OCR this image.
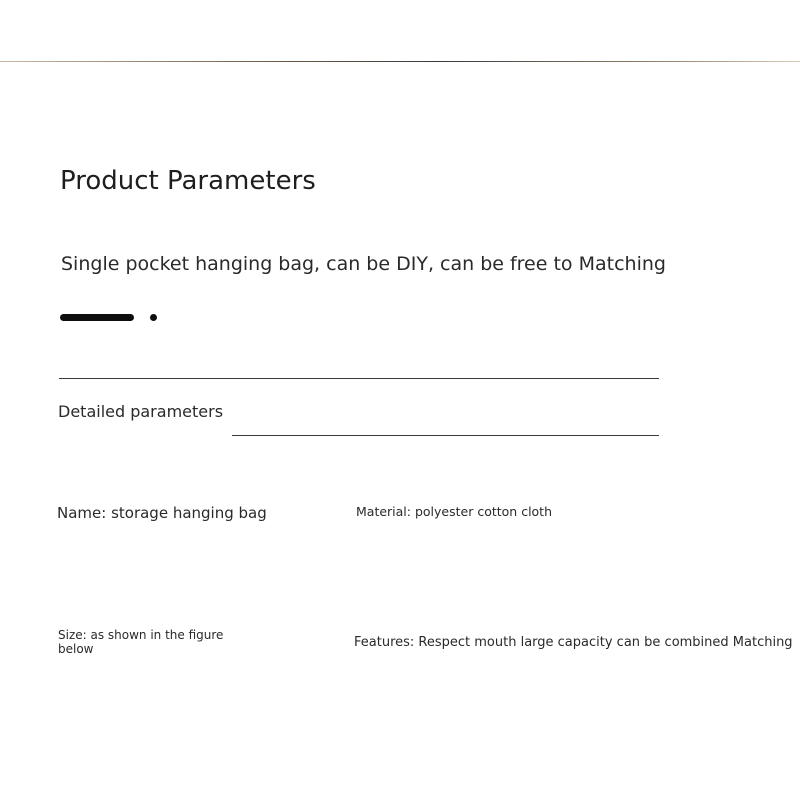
Product Parameters
Single pocket hanging bag, can be DIY, can be free to Matching
Detailed parameters
Name: storage hanging bag	Material: polyester cotton cloth
Size: as shown in the figure below	Features: Respect mouth large capacity can be combined Matching
